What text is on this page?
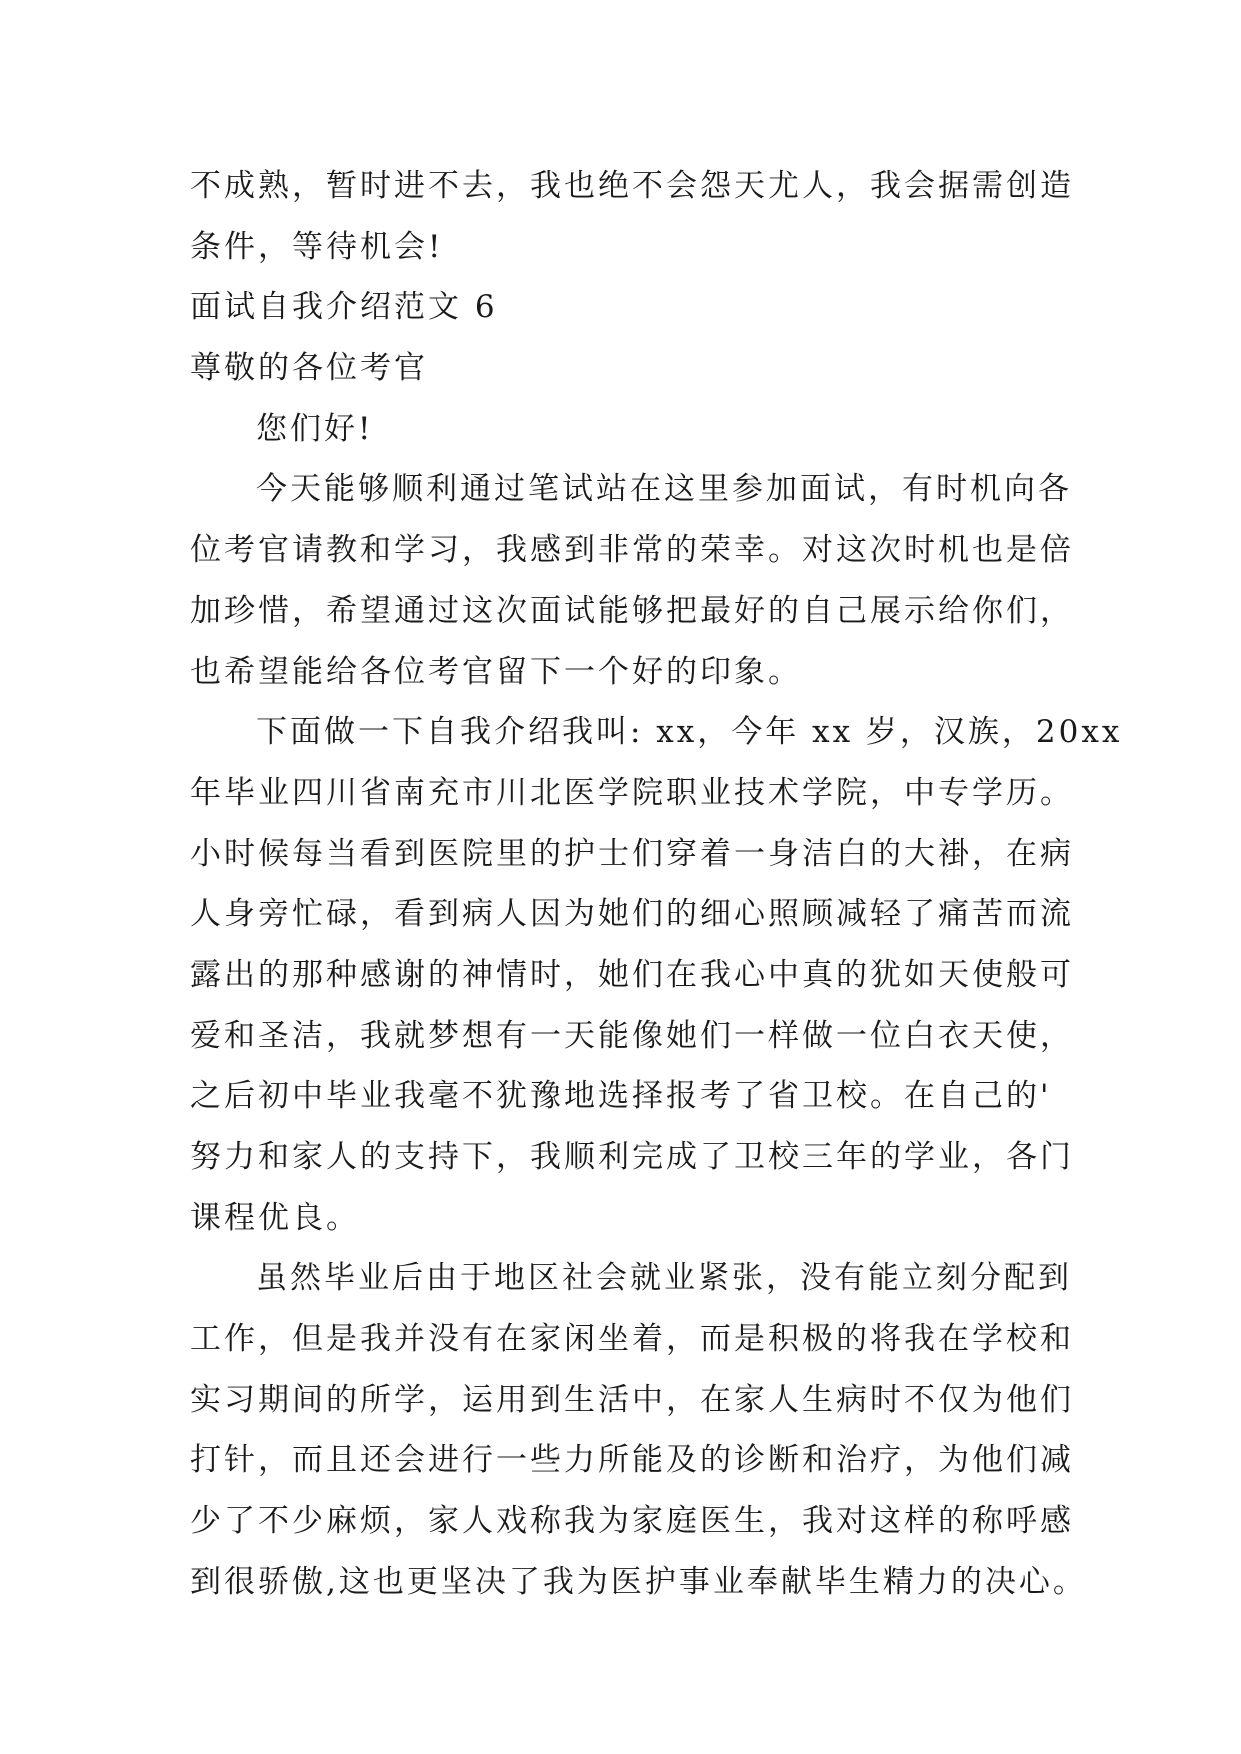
不成熟，暂时进不去，我也绝不会怨天尤人，我会据需创造
条件，等待机会!
面试自我介绍范文 6
尊敬的各位考官
您们好!
今天能够顺利通过笔试站在这里参加面试，有时机向各
位考官请教和学习，我感到非常的荣幸。对这次时机也是倍
加珍惜，希望通过这次面试能够把最好的自己展示给你们，
也希望能给各位考官留下一个好的印象。
下面做一下自我介绍我叫: xx，今年 xx 岁，汉族，20xx
年毕业四川省南充市川北医学院职业技术学院，中专学历。
小时候每当看到医院里的护士们穿着一身洁白的大褂，在病
人身旁忙碌，看到病人因为她们的细心照顾减轻了痛苦而流
露出的那种感谢的神情时，她们在我心中真的犹如天使般可
爱和圣洁，我就梦想有一天能像她们一样做一位白衣天使，
之后初中毕业我毫不犹豫地选择报考了省卫校。在自己的'
努力和家人的支持下，我顺利完成了卫校三年的学业，各门
课程优良。
虽然毕业后由于地区社会就业紧张，没有能立刻分配到
工作，但是我并没有在家闲坐着，而是积极的将我在学校和
实习期间的所学，运用到生活中，在家人生病时不仅为他们
打针，而且还会进行一些力所能及的诊断和治疗，为他们减
少了不少麻烦，家人戏称我为家庭医生，我对这样的称呼感
到很骄傲,这也更坚决了我为医护事业奉献毕生精力的决心。
